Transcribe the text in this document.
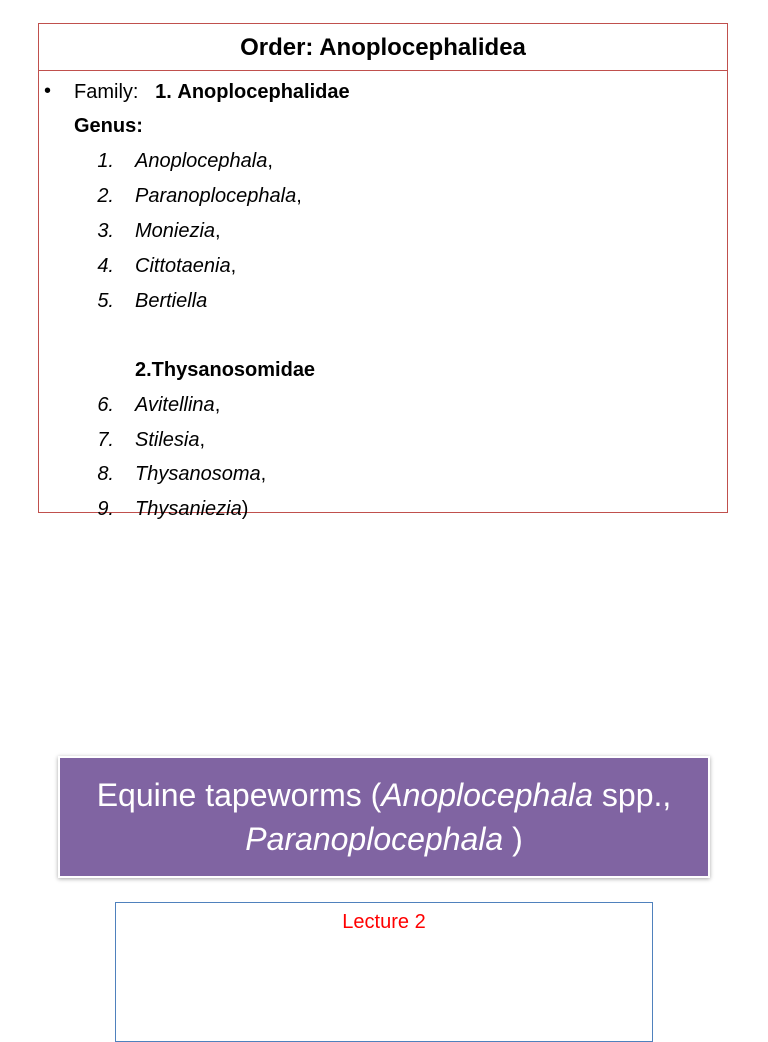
Order: Anoplocephalidea
• Family: 1. Anoplocephalidae
Genus:
1. Anoplocephala,
2. Paranoplocephala,
3. Moniezia,
4. Cittotaenia,
5. Bertiella
2.Thysanosomidae
6. Avitellina,
7. Stilesia,
8. Thysanosoma,
9. Thysaniezia)
Equine tapeworms (Anoplocephala spp.,
Paranoplocephala )
Lecture 2
